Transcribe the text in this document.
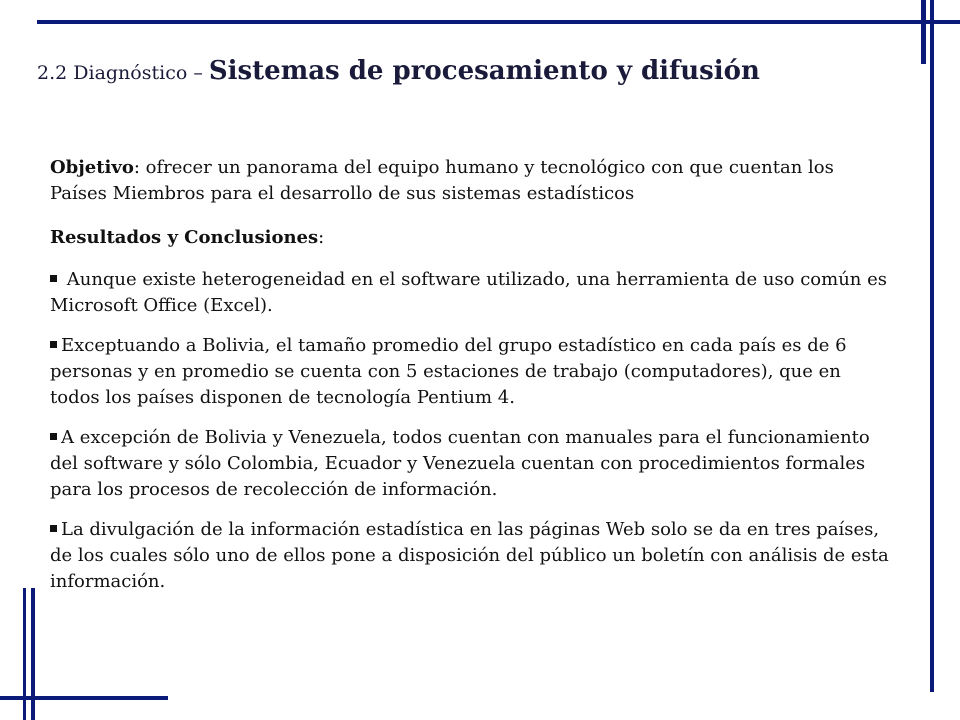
2.2 Diagnóstico – Sistemas de procesamiento y difusión

Objetivo: ofrecer un panorama del equipo humano y tecnológico con que cuentan los Países Miembros para el desarrollo de sus sistemas estadísticos

Resultados y Conclusiones:

Aunque existe heterogeneidad en el software utilizado, una herramienta de uso común es Microsoft Office (Excel).

Exceptuando a Bolivia, el tamaño promedio del grupo estadístico en cada país es de 6 personas y en promedio se cuenta con 5 estaciones de trabajo (computadores), que en todos los países disponen de tecnología Pentium 4.

A excepción de Bolivia y Venezuela, todos cuentan con manuales para el funcionamiento del software y sólo Colombia, Ecuador y Venezuela cuentan con procedimientos formales para los procesos de recolección de información.

La divulgación de la información estadística en las páginas Web solo se da en tres países, de los cuales sólo uno de ellos pone a disposición del público un boletín con análisis de esta información.
